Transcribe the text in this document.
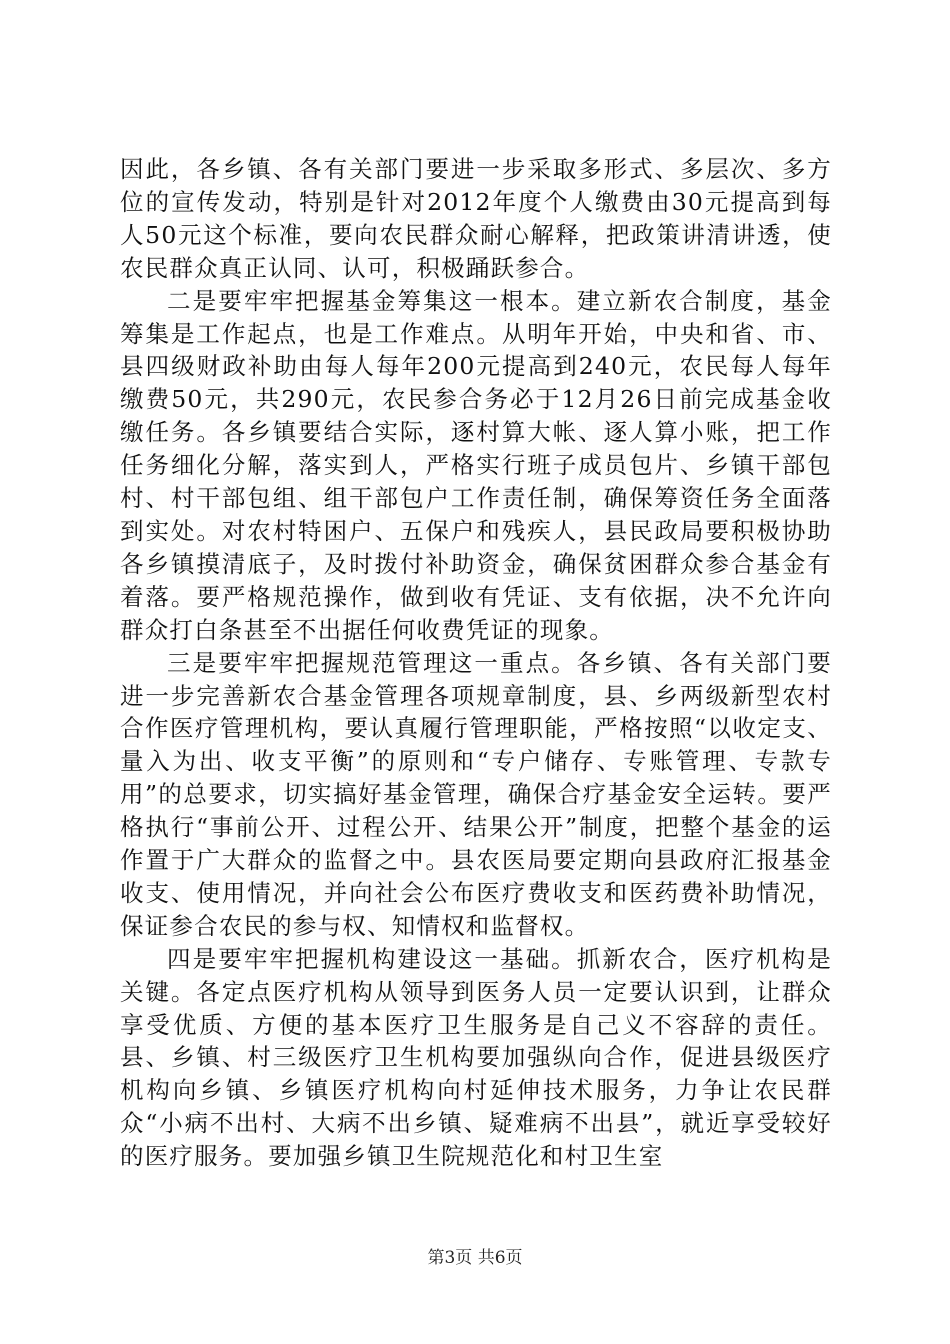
因此，各乡镇、各有关部门要进一步采取多形式、多层次、多方位的宣传发动，特别是针对2012年度个人缴费由30元提高到每人50元这个标准，要向农民群众耐心解释，把政策讲清讲透，使农民群众真正认同、认可，积极踊跃参合。

二是要牢牢把握基金筹集这一根本。建立新农合制度，基金筹集是工作起点，也是工作难点。从明年开始，中央和省、市、县四级财政补助由每人每年200元提高到240元，农民每人每年缴费50元，共290元，农民参合务必于12月26日前完成基金收缴任务。各乡镇要结合实际，逐村算大帐、逐人算小账，把工作任务细化分解，落实到人，严格实行班子成员包片、乡镇干部包村、村干部包组、组干部包户工作责任制，确保筹资任务全面落到实处。对农村特困户、五保户和残疾人，县民政局要积极协助各乡镇摸清底子，及时拨付补助资金，确保贫困群众参合基金有着落。要严格规范操作，做到收有凭证、支有依据，决不允许向群众打白条甚至不出据任何收费凭证的现象。

三是要牢牢把握规范管理这一重点。各乡镇、各有关部门要进一步完善新农合基金管理各项规章制度，县、乡两级新型农村合作医疗管理机构，要认真履行管理职能，严格按照“以收定支、量入为出、收支平衡”的原则和“专户储存、专账管理、专款专用”的总要求，切实搞好基金管理，确保合疗基金安全运转。要严格执行“事前公开、过程公开、结果公开”制度，把整个基金的运作置于广大群众的监督之中。县农医局要定期向县政府汇报基金收支、使用情况，并向社会公布医疗费收支和医药费补助情况，保证参合农民的参与权、知情权和监督权。

四是要牢牢把握机构建设这一基础。抓新农合，医疗机构是关键。各定点医疗机构从领导到医务人员一定要认识到，让群众享受优质、方便的基本医疗卫生服务是自己义不容辞的责任。县、乡镇、村三级医疗卫生机构要加强纵向合作，促进县级医疗机构向乡镇、乡镇医疗机构向村延伸技术服务，力争让农民群众“小病不出村、大病不出乡镇、疑难病不出县”，就近享受较好的医疗服务。要加强乡镇卫生院规范化和村卫生室

第3页 共6页
